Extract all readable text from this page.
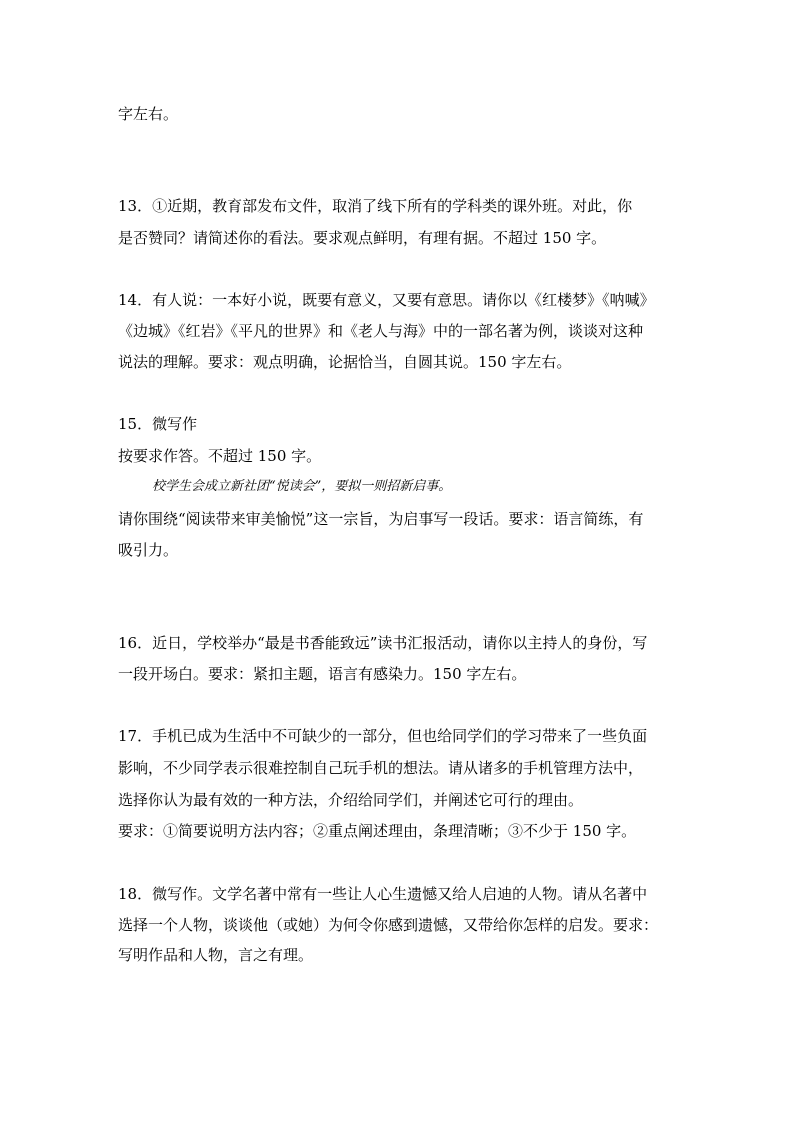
字左右。
13．①近期，教育部发布文件，取消了线下所有的学科类的课外班。对此，你
是否赞同？请简述你的看法。要求观点鲜明，有理有据。不超过 150 字。
14．有人说：一本好小说，既要有意义，又要有意思。请你以《红楼梦》《呐喊》
《边城》《红岩》《平凡的世界》和《老人与海》中的一部名著为例，谈谈对这种
说法的理解。要求：观点明确，论据恰当，自圆其说。150 字左右。
15．微写作
按要求作答。不超过 150 字。
校学生会成立新社团“悦读会”，要拟一则招新启事。
请你围绕“阅读带来审美愉悦”这一宗旨，为启事写一段话。要求：语言简练，有
吸引力。
16．近日，学校举办“最是书香能致远”读书汇报活动，请你以主持人的身份，写
一段开场白。要求：紧扣主题，语言有感染力。150 字左右。
17．手机已成为生活中不可缺少的一部分，但也给同学们的学习带来了一些负面
影响，不少同学表示很难控制自己玩手机的想法。请从诸多的手机管理方法中，
选择你认为最有效的一种方法，介绍给同学们，并阐述它可行的理由。
要求：①简要说明方法内容；②重点阐述理由，条理清晰；③不少于 150 字。
18．微写作。文学名著中常有一些让人心生遗憾又给人启迪的人物。请从名著中
选择一个人物，谈谈他（或她）为何令你感到遗憾，又带给你怎样的启发。要求：
写明作品和人物，言之有理。
